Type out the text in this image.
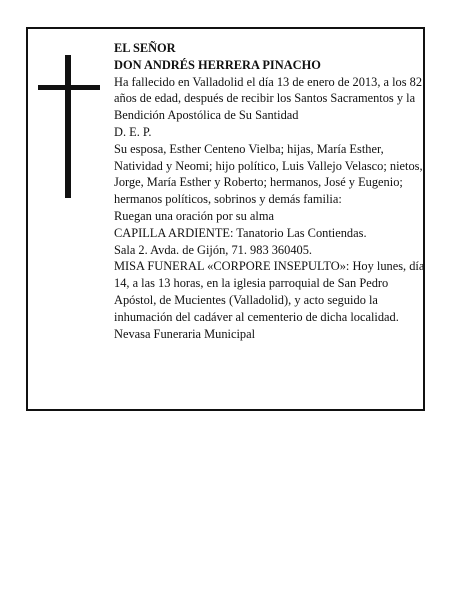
EL SEÑOR

DON ANDRÉS HERRERA PINACHO

Ha fallecido en Valladolid el día 13 de enero de 2013, a los 82 años de edad, después de recibir los Santos Sacramentos y la Bendición Apostólica de Su Santidad

D. E. P.

Su esposa, Esther Centeno Vielba; hijas, María Esther, Natividad y Neomi; hijo político, Luis Vallejo Velasco; nietos, Jorge, María Esther y Roberto; hermanos, José y Eugenio; hermanos políticos, sobrinos y demás familia:

Ruegan una oración por su alma

CAPILLA ARDIENTE: Tanatorio Las Contiendas.

Sala 2. Avda. de Gijón, 71. 983 360405.

MISA FUNERAL «CORPORE INSEPULTO»: Hoy lunes, día 14, a las 13 horas, en la iglesia parroquial de San Pedro Apóstol, de Mucientes (Valladolid), y acto seguido la inhumación del cadáver al cementerio de dicha localidad.

Nevasa Funeraria Municipal
